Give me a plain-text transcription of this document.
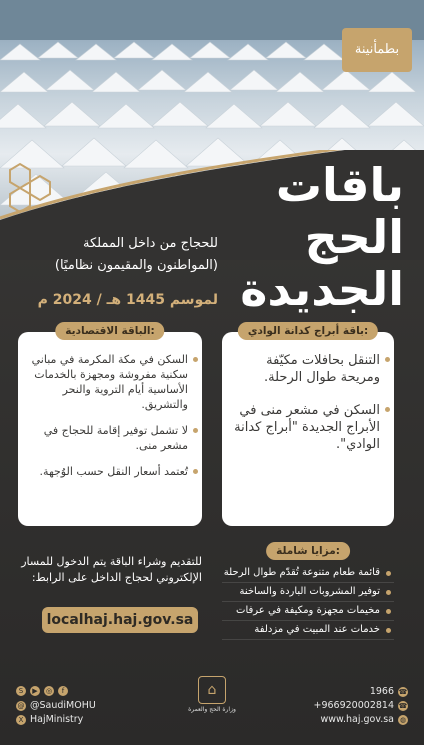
بطمأنينة
باقات
الحج
الجديدة
للحجاج من داخل المملكة
(المواطنون والمقيمون نظاميًا)
لموسم 1445 هـ / 2024 م
الباقة الاقتصادية:
السكن في مكة المكرمة في مباني سكنية مفروشة ومجهزة بالخدمات الأساسية أيام التروية والنحر والتشريق.
لا تشمل توفير إقامة للحجاج في مشعر منى.
تُعتمد أسعار النقل حسب الوُجهة.
باقة أبراج كدانة الوادي:
التنقل بحافلات مكيّفة ومريحة طوال الرحلة.
السكن في مشعر منى في الأبراج الجديدة "أبراج كدانة الوادي".
للتقديم وشراء الباقة يتم الدخول للمسار الإلكتروني لحجاج الداخل على الرابط:
localhaj.haj.gov.sa
مزايا شاملة:
قائمة طعام متنوعة تُقدّم طوال الرحلة
توفير المشروبات الباردة والساخنة
مخيمات مجهزة ومكيفة في عرفات
خدمات عند المبيت في مزدلفة
S	▶	◎	f
@ @SaudiMOHU
X HajMinistry
1966 ☎
+966920002814 ☎
www.haj.gov.sa ◍
⌂
وزارة الحج والعمرة
